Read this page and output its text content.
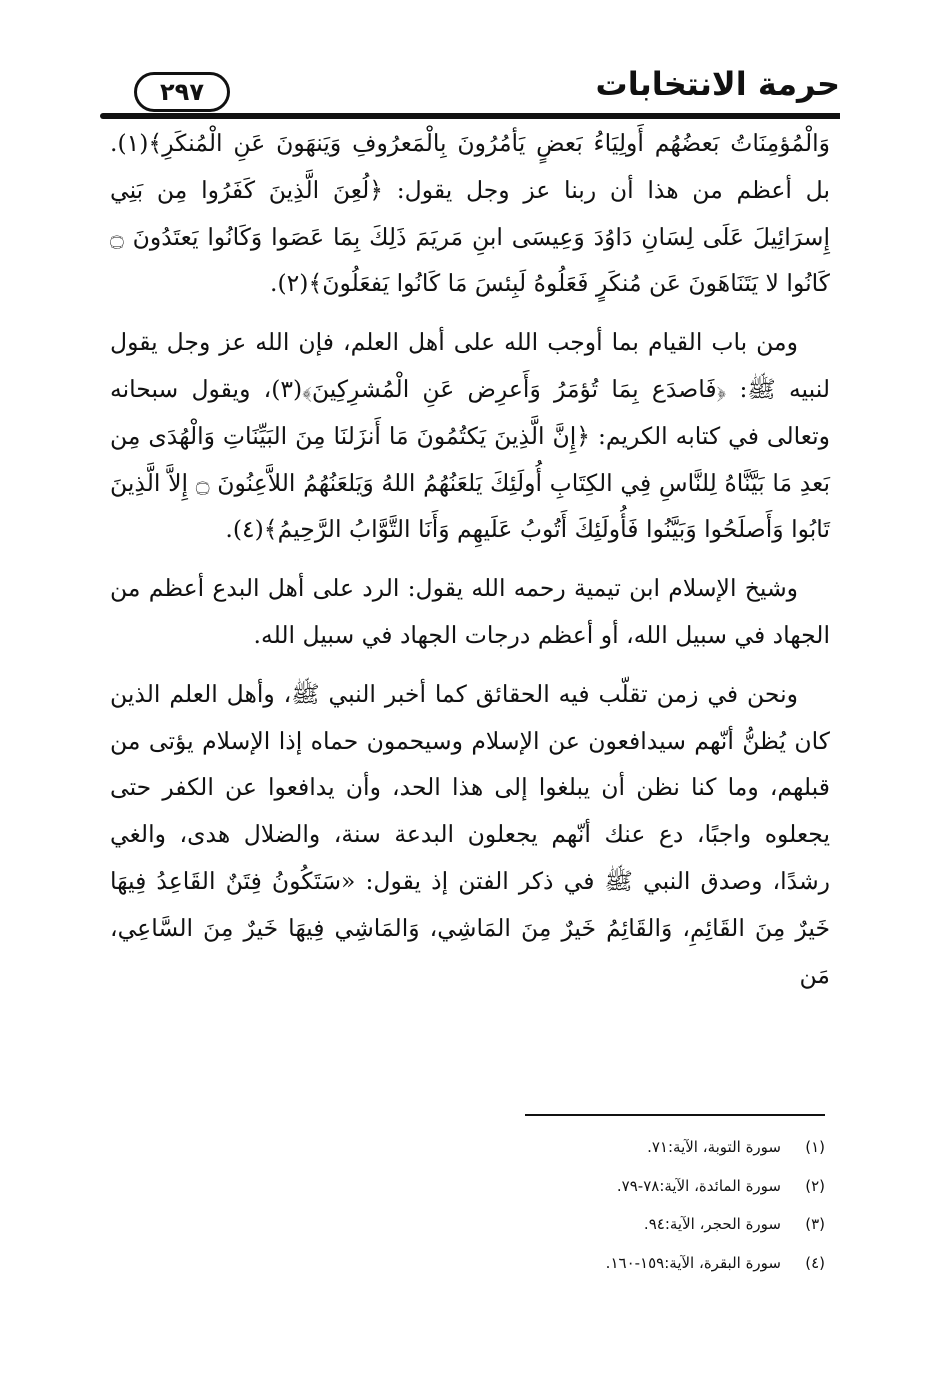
حرمة الانتخابات
٢٩٧

وَالْمُؤمِنَاتُ بَعضُهُم أَولِيَاءُ بَعضٍ يَأمُرُونَ بِالْمَعرُوفِ وَيَنهَونَ عَنِ الْمُنكَرِ﴾(١). بل أعظم من هذا أن ربنا عز وجل يقول: ﴿لُعِنَ الَّذِينَ كَفَرُوا مِن بَنِي إِسرَائِيلَ عَلَى لِسَانِ دَاوُدَ وَعِيسَى ابنِ مَريَمَ ذَلِكَ بِمَا عَصَوا وَكَانُوا يَعتَدُونَ ۝ كَانُوا لا يَتَنَاهَونَ عَن مُنكَرٍ فَعَلُوهُ لَبِئسَ مَا كَانُوا يَفعَلُونَ﴾(٢).

ومن باب القيام بما أوجب الله على أهل العلم، فإن الله عز وجل يقول لنبيه ﷺ: ﴿فَاصدَع بِمَا تُؤمَرُ وَأَعرِض عَنِ الْمُشرِكِينَ﴾(٣)، ويقول سبحانه وتعالى في كتابه الكريم: ﴿إِنَّ الَّذِينَ يَكتُمُونَ مَا أَنزَلنَا مِنَ البَيِّنَاتِ وَالْهُدَى مِن بَعدِ مَا بَيَّنَّاهُ لِلنَّاسِ فِي الكِتَابِ أُولَئِكَ يَلعَنُهُمُ اللهُ وَيَلعَنُهُمُ اللاَّعِنُونَ ۝ إِلاَّ الَّذِينَ تَابُوا وَأَصلَحُوا وَبَيَّنُوا فَأُولَئِكَ أَتُوبُ عَلَيهِم وَأَنَا التَّوَّابُ الرَّحِيمُ﴾(٤).

وشيخ الإسلام ابن تيمية رحمه الله يقول: الرد على أهل البدع أعظم من الجهاد في سبيل الله، أو أعظم درجات الجهاد في سبيل الله.

ونحن في زمن تقلّب فيه الحقائق كما أخبر النبي ﷺ، وأهل العلم الذين كان يُظنُّ أنّهم سيدافعون عن الإسلام وسيحمون حماه إذا الإسلام يؤتى من قبلهم، وما كنا نظن أن يبلغوا إلى هذا الحد، وأن يدافعوا عن الكفر حتى يجعلوه واجبًا، دع عنك أنّهم يجعلون البدعة سنة، والضلال هدى، والغي رشدًا، وصدق النبي ﷺ في ذكر الفتن إذ يقول: «سَتَكُونُ فِتَنٌ القَاعِدُ فِيهَا خَيرٌ مِنَ القَائِمِ، وَالقَائِمُ خَيرٌ مِنَ المَاشِي، وَالمَاشِي فِيهَا خَيرٌ مِنَ السَّاعِي، مَن

(١)
سورة التوبة، الآية:٧١.
(٢)
سورة المائدة، الآية:٧٨-٧٩.
(٣)
سورة الحجر، الآية:٩٤.
(٤)
سورة البقرة، الآية:١٥٩-١٦٠.
